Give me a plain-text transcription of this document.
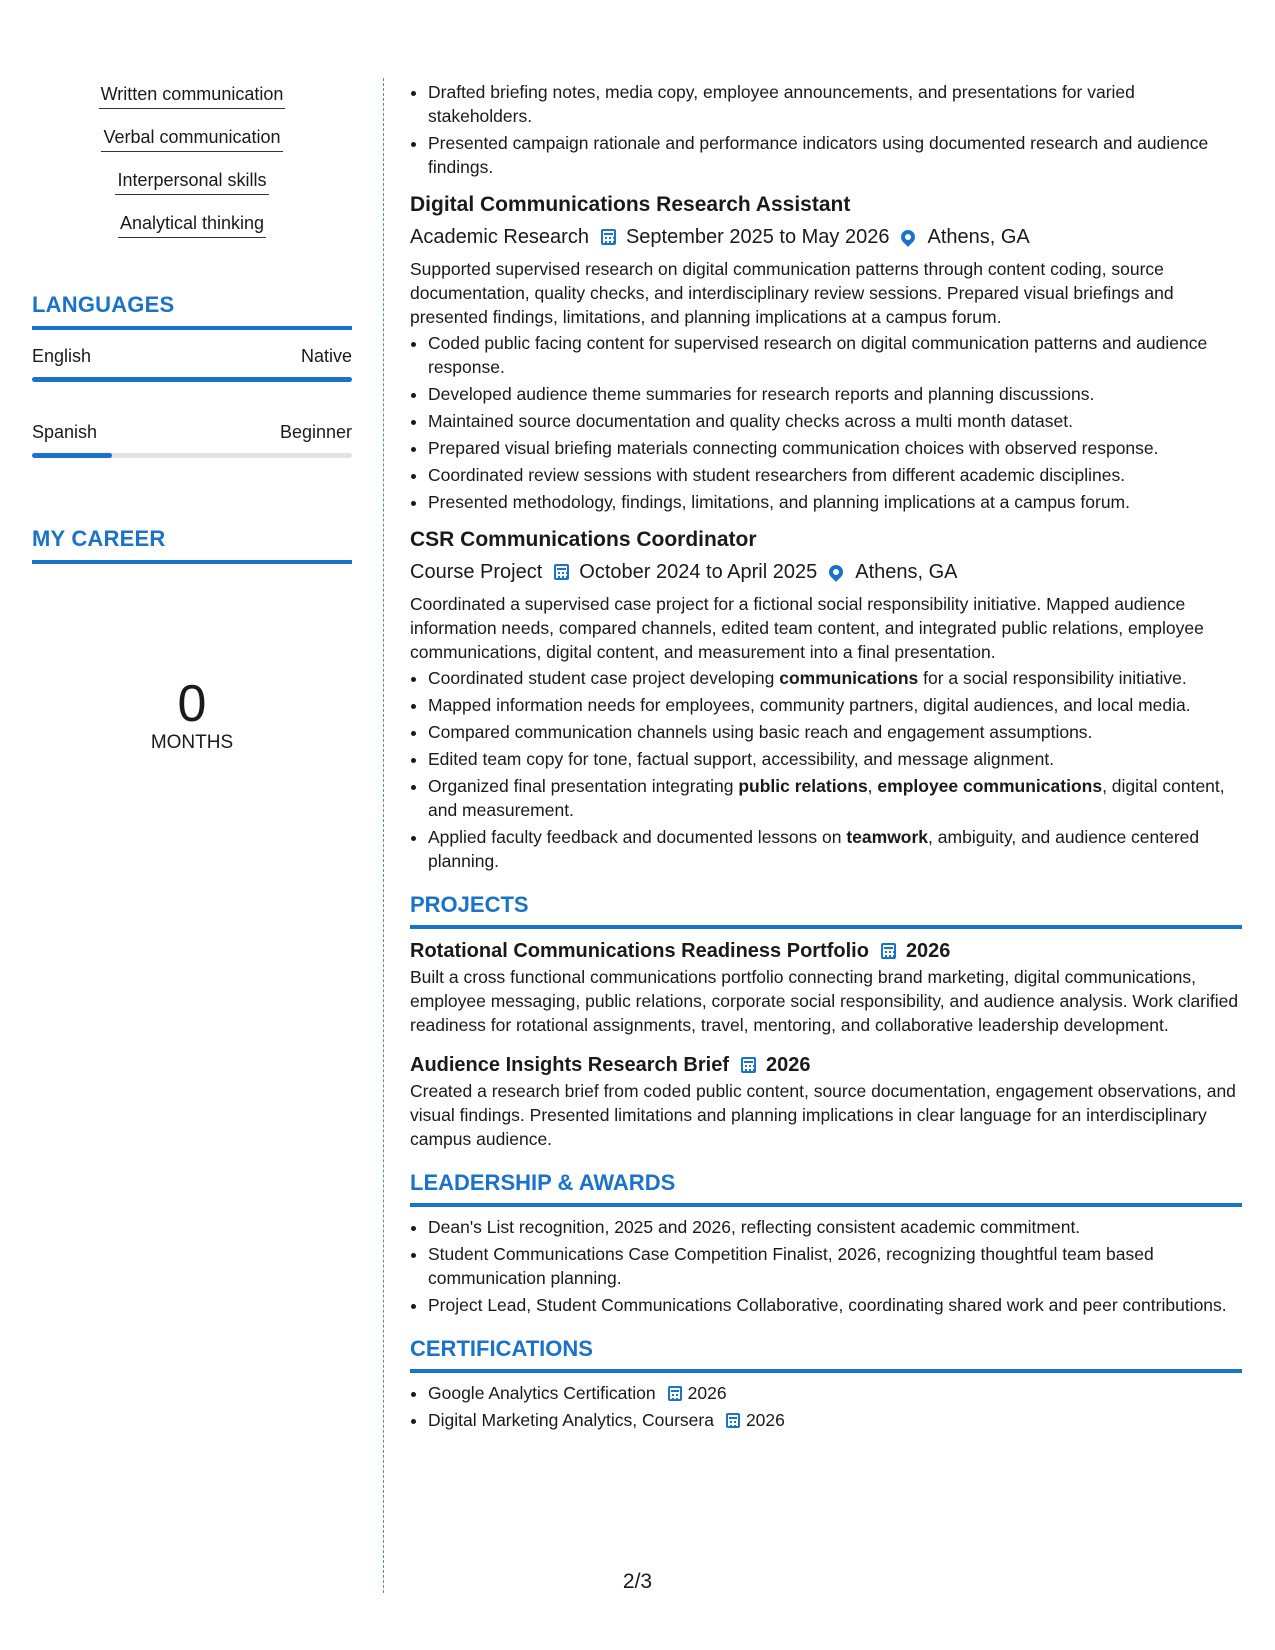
Written communication
Verbal communication
Interpersonal skills
Analytical thinking
LANGUAGES
English	Native
Spanish	Beginner
MY CAREER
0
MONTHS
• Drafted briefing notes, media copy, employee announcements, and presentations for varied stakeholders.
• Presented campaign rationale and performance indicators using documented research and audience findings.
Digital Communications Research Assistant
Academic Research September 2025 to May 2026 Athens, GA
Supported supervised research on digital communication patterns through content coding, source documentation, quality checks, and interdisciplinary review sessions. Prepared visual briefings and presented findings, limitations, and planning implications at a campus forum.
• Coded public facing content for supervised research on digital communication patterns and audience response.
• Developed audience theme summaries for research reports and planning discussions.
• Maintained source documentation and quality checks across a multi month dataset.
• Prepared visual briefing materials connecting communication choices with observed response.
• Coordinated review sessions with student researchers from different academic disciplines.
• Presented methodology, findings, limitations, and planning implications at a campus forum.
CSR Communications Coordinator
Course Project October 2024 to April 2025 Athens, GA
Coordinated a supervised case project for a fictional social responsibility initiative. Mapped audience information needs, compared channels, edited team content, and integrated public relations, employee communications, digital content, and measurement into a final presentation.
• Coordinated student case project developing communications for a social responsibility initiative.
• Mapped information needs for employees, community partners, digital audiences, and local media.
• Compared communication channels using basic reach and engagement assumptions.
• Edited team copy for tone, factual support, accessibility, and message alignment.
• Organized final presentation integrating public relations, employee communications, digital content, and measurement.
• Applied faculty feedback and documented lessons on teamwork, ambiguity, and audience centered planning.
PROJECTS
Rotational Communications Readiness Portfolio 2026
Built a cross functional communications portfolio connecting brand marketing, digital communications, employee messaging, public relations, corporate social responsibility, and audience analysis. Work clarified readiness for rotational assignments, travel, mentoring, and collaborative leadership development.
Audience Insights Research Brief 2026
Created a research brief from coded public content, source documentation, engagement observations, and visual findings. Presented limitations and planning implications in clear language for an interdisciplinary campus audience.
LEADERSHIP & AWARDS
• Dean's List recognition, 2025 and 2026, reflecting consistent academic commitment.
• Student Communications Case Competition Finalist, 2026, recognizing thoughtful team based communication planning.
• Project Lead, Student Communications Collaborative, coordinating shared work and peer contributions.
CERTIFICATIONS
• Google Analytics Certification 2026
• Digital Marketing Analytics, Coursera 2026
2/3
